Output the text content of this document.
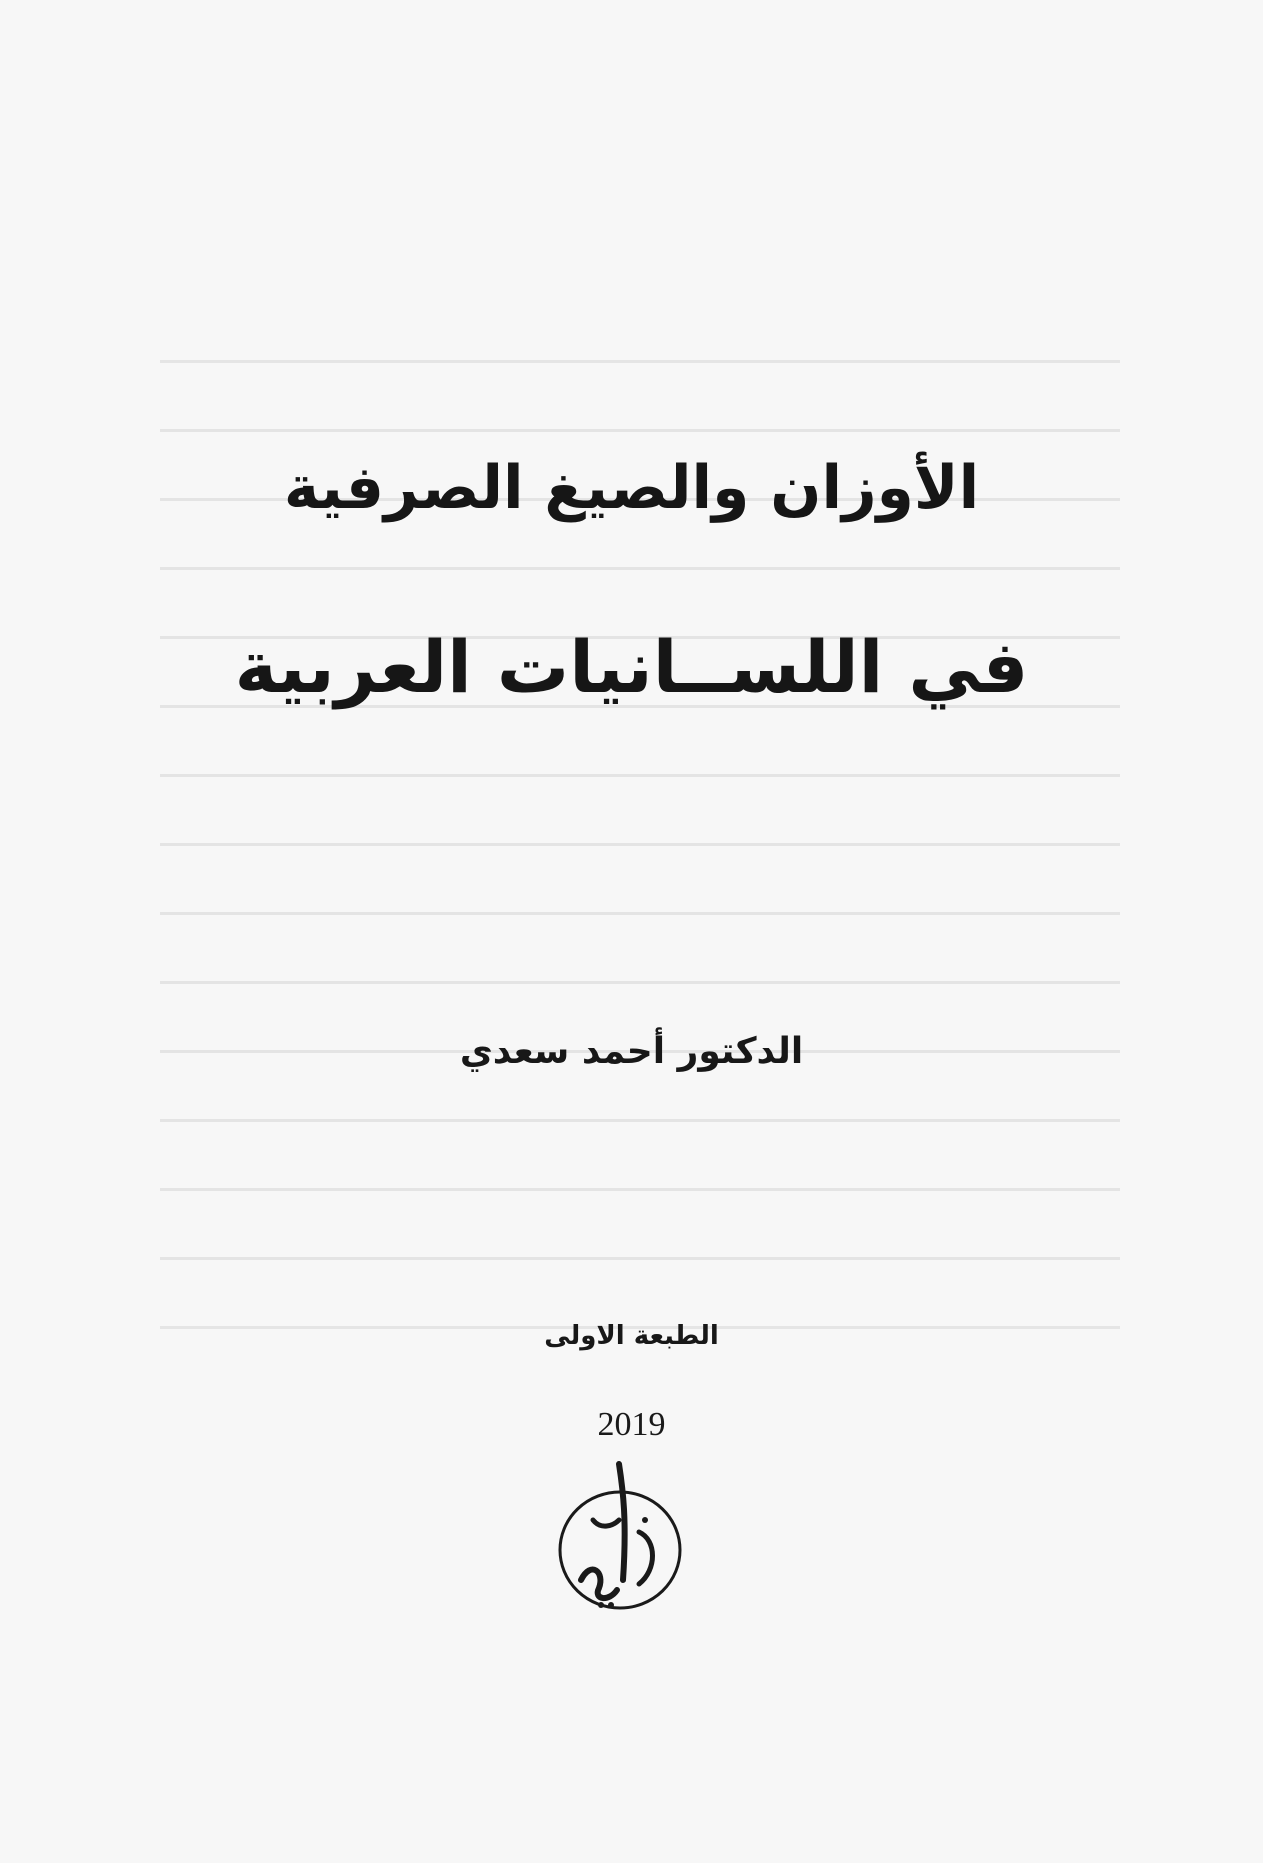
الأوزان والصيغ الصرفية
في اللســانيات العربية
الدكتور أحمد سعدي
الطبعة الاولى
2019
